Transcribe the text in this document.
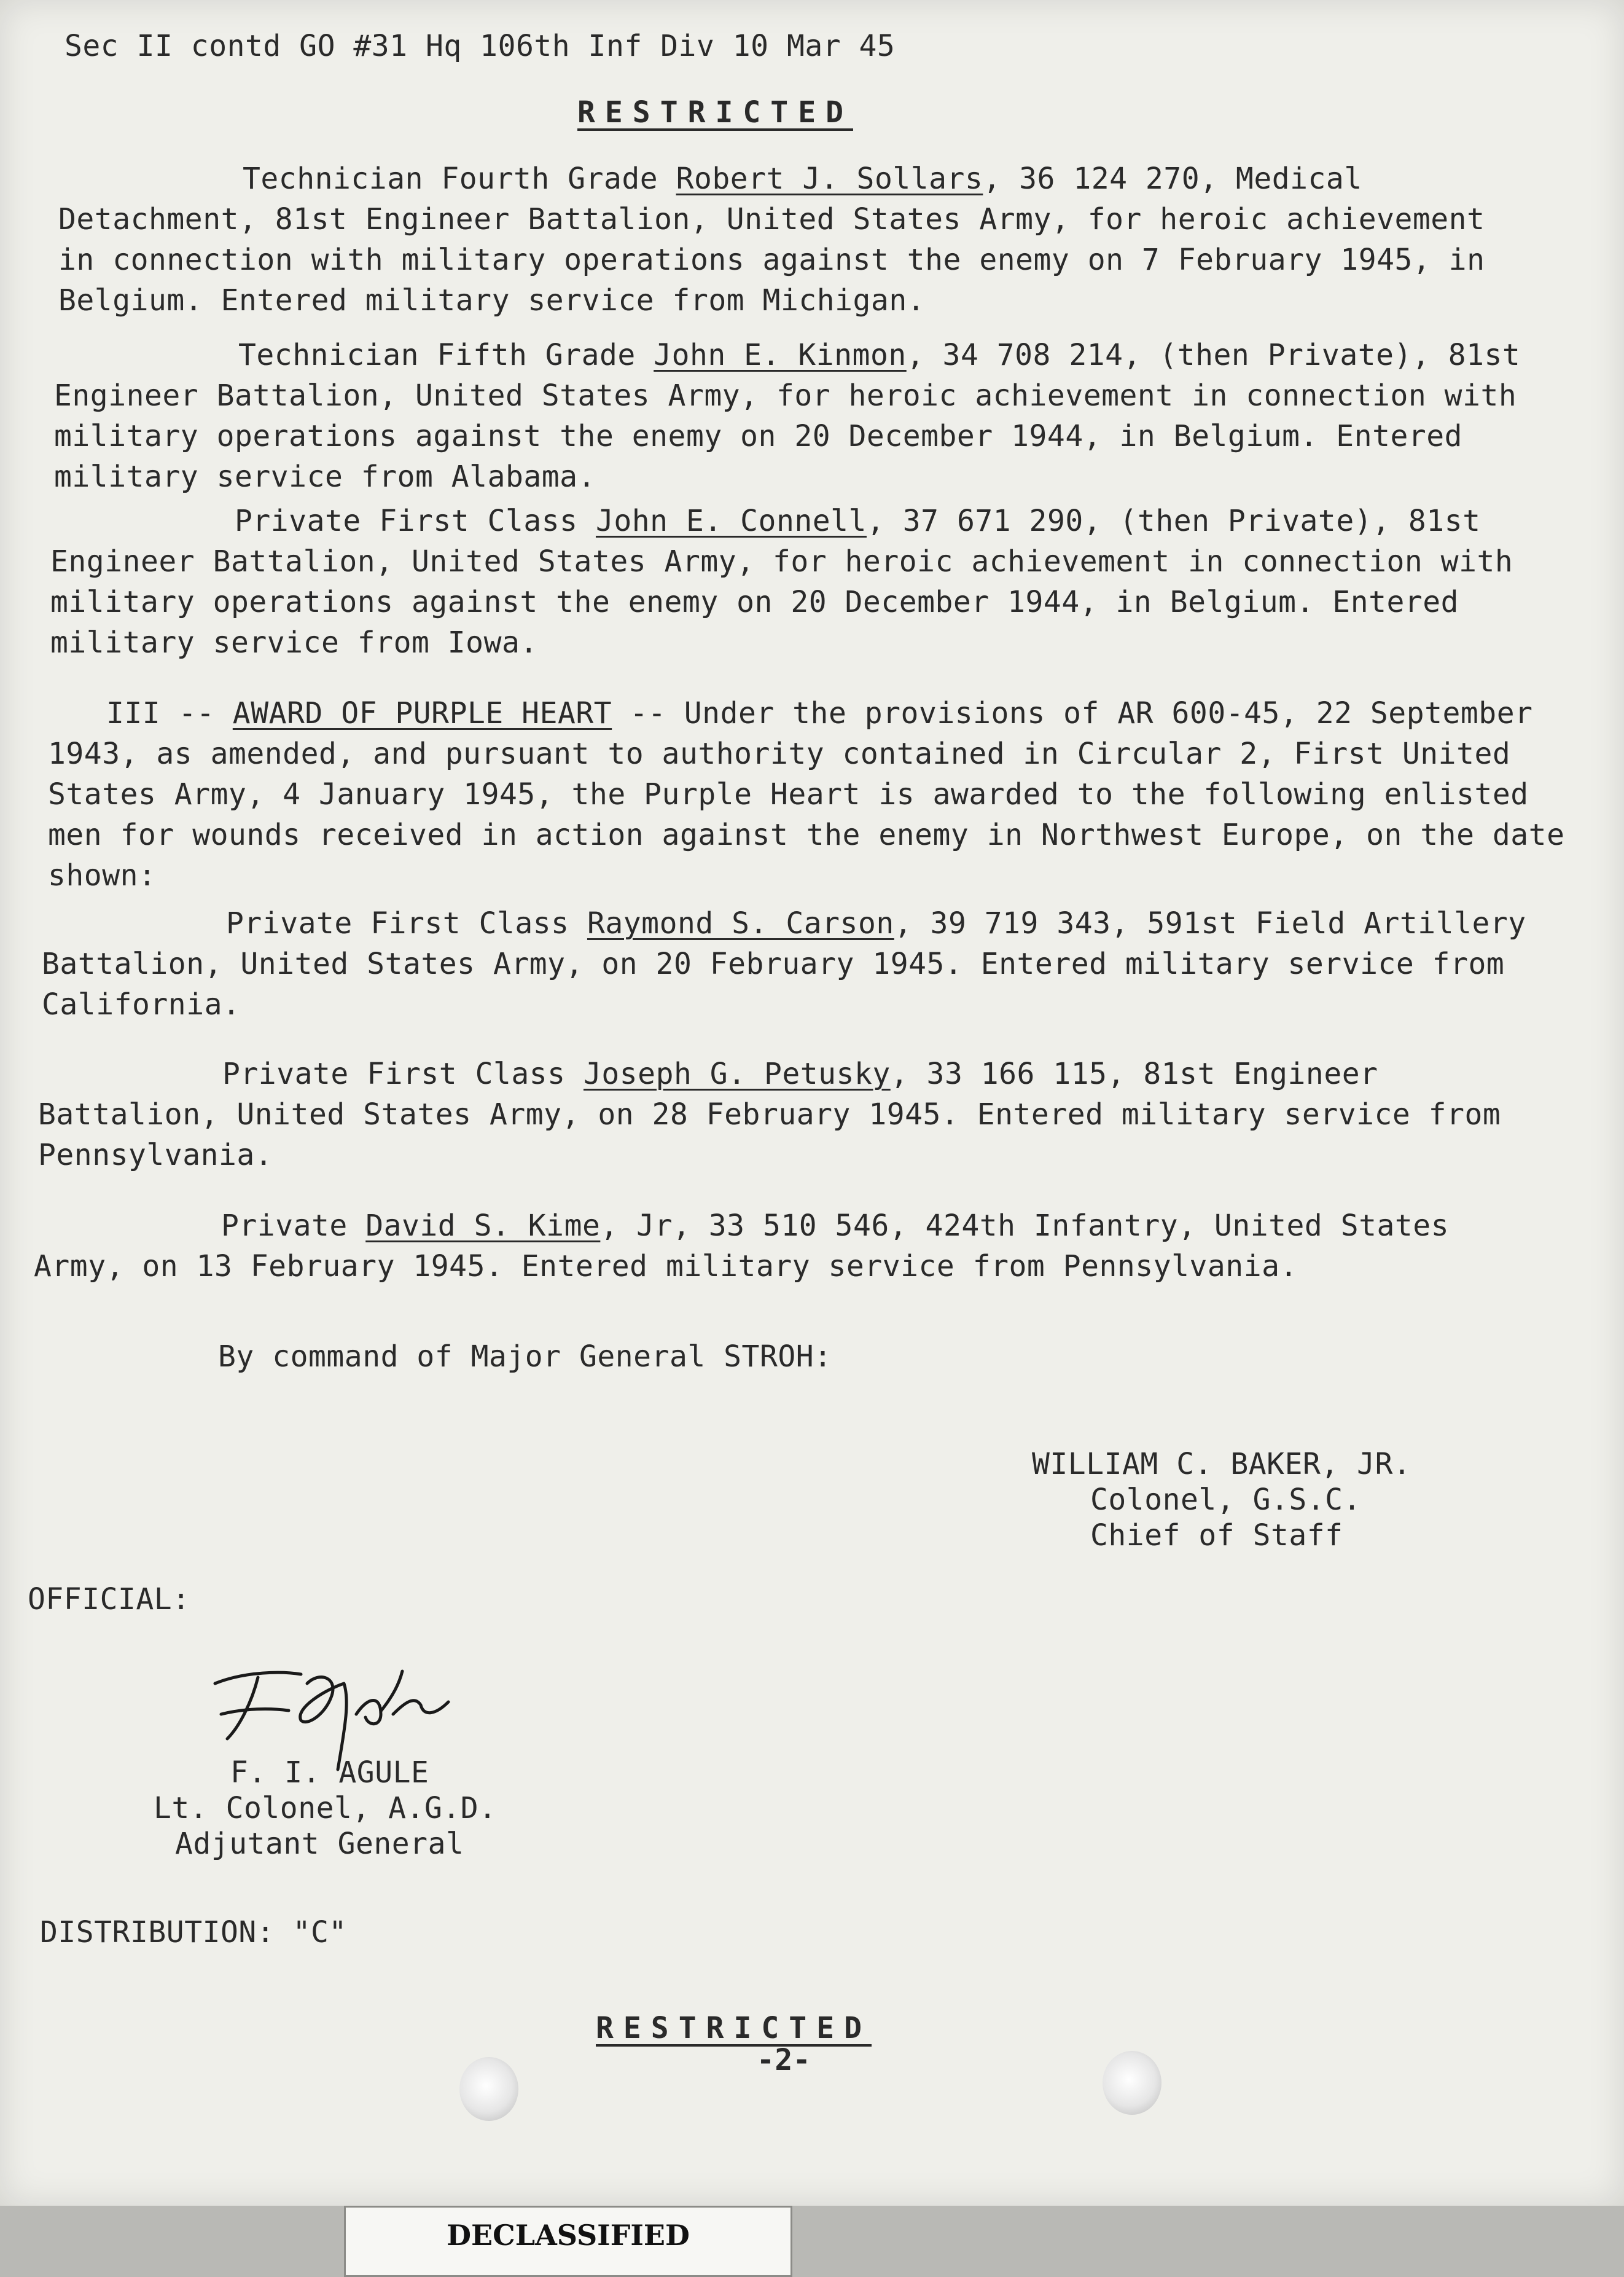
Sec II contd GO #31 Hq 106th Inf Div 10 Mar 45
RESTRICTED
Technician Fourth Grade Robert J. Sollars, 36 124 270, Medical Detachment, 81st Engineer Battalion, United States Army, for heroic achievement in connection with military operations against the enemy on 7 February 1945, in Belgium. Entered military service from Michigan.
Technician Fifth Grade John E. Kinmon, 34 708 214, (then Private), 81st Engineer Battalion, United States Army, for heroic achievement in connection with military operations against the enemy on 20 December 1944, in Belgium. Entered military service from Alabama.
Private First Class John E. Connell, 37 671 290, (then Private), 81st Engineer Battalion, United States Army, for heroic achievement in connection with military operations against the enemy on 20 December 1944, in Belgium. Entered military service from Iowa.
III -- AWARD OF PURPLE HEART -- Under the provisions of AR 600-45, 22 September 1943, as amended, and pursuant to authority contained in Circular 2, First United States Army, 4 January 1945, the Purple Heart is awarded to the following enlisted men for wounds received in action against the enemy in Northwest Europe, on the date shown:
Private First Class Raymond S. Carson, 39 719 343, 591st Field Artillery Battalion, United States Army, on 20 February 1945. Entered military service from California.
Private First Class Joseph G. Petusky, 33 166 115, 81st Engineer Battalion, United States Army, on 28 February 1945. Entered military service from Pennsylvania.
Private David S. Kime, Jr, 33 510 546, 424th Infantry, United States Army, on 13 February 1945. Entered military service from Pennsylvania.
By command of Major General STROH:
WILLIAM C. BAKER, JR.
Colonel, G.S.C.
Chief of Staff
OFFICIAL:
F. I. AGULE
Lt. Colonel, A.G.D.
Adjutant General
DISTRIBUTION: "C"
RESTRICTED
-2-
DECLASSIFIED
